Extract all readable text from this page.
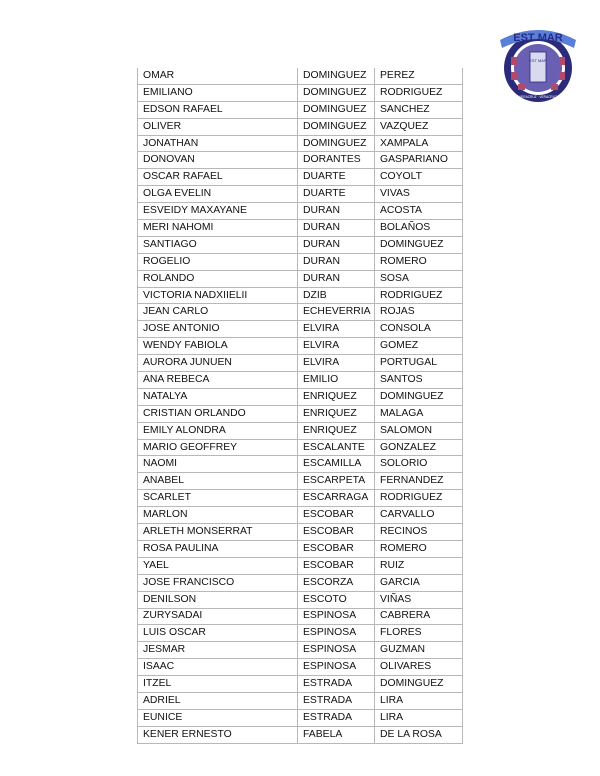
EST MAR
EST MAR
VERACRUZ · VERACRUZ
OMAR	DOMINGUEZ	PEREZ
EMILIANO	DOMINGUEZ	RODRIGUEZ
EDSON RAFAEL	DOMINGUEZ	SANCHEZ
OLIVER	DOMINGUEZ	VAZQUEZ
JONATHAN	DOMINGUEZ	XAMPALA
DONOVAN	DORANTES	GASPARIANO
OSCAR RAFAEL	DUARTE	COYOLT
OLGA EVELIN	DUARTE	VIVAS
ESVEIDY MAXAYANE	DURAN	ACOSTA
MERI NAHOMI	DURAN	BOLAÑOS
SANTIAGO	DURAN	DOMINGUEZ
ROGELIO	DURAN	ROMERO
ROLANDO	DURAN	SOSA
VICTORIA NADXIIELII	DZIB	RODRIGUEZ
JEAN CARLO	ECHEVERRIA	ROJAS
JOSE ANTONIO	ELVIRA	CONSOLA
WENDY FABIOLA	ELVIRA	GOMEZ
AURORA JUNUEN	ELVIRA	PORTUGAL
ANA REBECA	EMILIO	SANTOS
NATALYA	ENRIQUEZ	DOMINGUEZ
CRISTIAN ORLANDO	ENRIQUEZ	MALAGA
EMILY ALONDRA	ENRIQUEZ	SALOMON
MARIO GEOFFREY	ESCALANTE	GONZALEZ
NAOMI	ESCAMILLA	SOLORIO
ANABEL	ESCARPETA	FERNANDEZ
SCARLET	ESCARRAGA	RODRIGUEZ
MARLON	ESCOBAR	CARVALLO
ARLETH MONSERRAT	ESCOBAR	RECINOS
ROSA PAULINA	ESCOBAR	ROMERO
YAEL	ESCOBAR	RUIZ
JOSE FRANCISCO	ESCORZA	GARCIA
DENILSON	ESCOTO	VIÑAS
ZURYSADAI	ESPINOSA	CABRERA
LUIS OSCAR	ESPINOSA	FLORES
JESMAR	ESPINOSA	GUZMAN
ISAAC	ESPINOSA	OLIVARES
ITZEL	ESTRADA	DOMINGUEZ
ADRIEL	ESTRADA	LIRA
EUNICE	ESTRADA	LIRA
KENER ERNESTO	FABELA	DE LA ROSA
